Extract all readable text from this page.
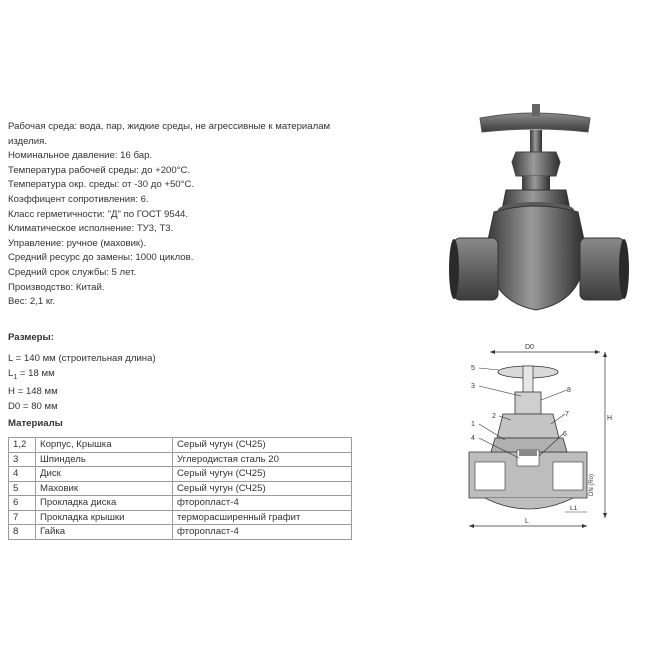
Рабочая среда: вода, пар, жидкие среды, не агрессивные к материалам изделия.

Номинальное давление: 16 бар.

Температура рабочей среды: до +200°С.

Температура окр. среды: от -30 до +50°С.

Коэффицент сопротивления: 6.

Класс герметичности: "Д" по ГОСТ 9544.

Климатическое исполнение: ТУ3, Т3.

Управление: ручное (маховик).

Средний ресурс до замены: 1000 циклов.

Средний срок службы: 5 лет.

Производство: Китай.

Вес: 2,1 кг.

Размеры:

L = 140 мм (строительная длина)

$L_1 = 18$ мм

H = 148 мм

D0 = 80 мм

Материалы
1,2	Корпус, Крышка	Серый чугун (СЧ25)
3	Шпиндель	Углеродистая сталь 20
4	Диск	Серый чугун (СЧ25)
5	Маховик	Серый чугун (СЧ25)
6	Прокладка диска	фторопласт-4
7	Прокладка крышки	терморасширенный графит
8	Гайка	фторопласт-4
D0
H
DN (Ro)
L
L1
5
3
2
1
4
8
7
6
